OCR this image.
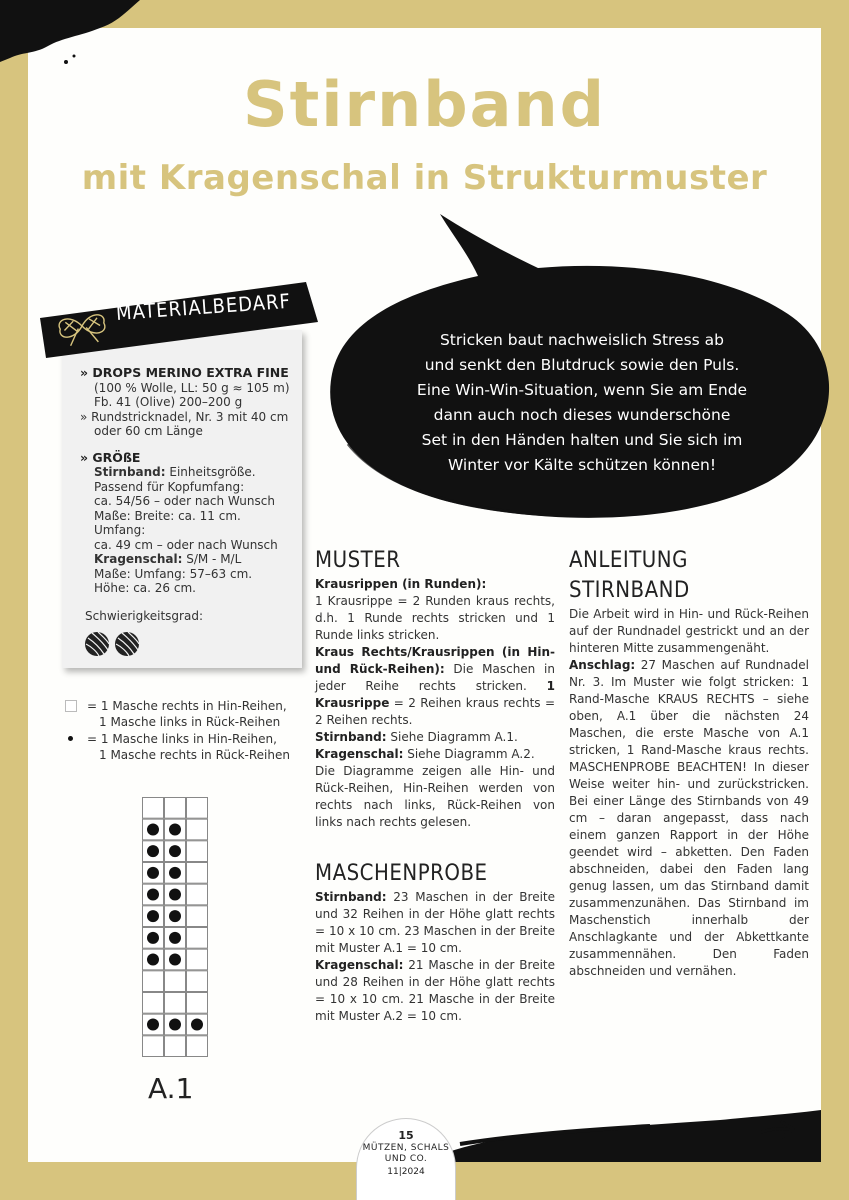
Stirnband
mit Kragenschal in Strukturmuster
Stricken baut nachweislich Stress ab
und senkt den Blutdruck sowie den Puls.
Eine Win-Win-Situation, wenn Sie am Ende
dann auch noch dieses wunderschöne
Set in den Händen halten und Sie sich im
Winter vor Kälte schützen können!
MATERIALBEDARF
» DROPS MERINO EXTRA FINE
(100 % Wolle, LL: 50 g ≈ 105 m)
Fb. 41 (Olive) 200–200 g
» Rundstricknadel, Nr. 3 mit 40 cm
oder 60 cm Länge
» GRÖßE
Stirnband: Einheitsgröße.
Passend für Kopfumfang:
ca. 54/56 – oder nach Wunsch
Maße: Breite: ca. 11 cm. Umfang:
ca. 49 cm – oder nach Wunsch
Kragenschal: S/M - M/L
Maße: Umfang: 57–63 cm.
Höhe: ca. 26 cm.
Schwierigkeitsgrad:
= 1 Masche rechts in Hin-Reihen,
1 Masche links in Rück-Reihen
= 1 Masche links in Hin-Reihen,
1 Masche rechts in Rück-Reihen
A.1
MUSTER

Krausrippen (in Runden):

1 Krausrippe = 2 Runden kraus rechts, d.h. 1 Runde rechts stricken und 1 Runde links stricken.

Kraus Rechts/Krausrippen (in Hin- und Rück-Reihen): Die Maschen in jeder Reihe rechts stricken. 1 Krausrippe = 2 Reihen kraus rechts = 2 Reihen rechts.

Stirnband: Siehe Diagramm A.1.

Kragenschal: Siehe Diagramm A.2.

Die Diagramme zeigen alle Hin- und Rück-Reihen, Hin-Reihen werden von rechts nach links, Rück-Reihen von links nach rechts gelesen.

MASCHENPROBE

Stirnband: 23 Maschen in der Breite und 32 Reihen in der Höhe glatt rechts = 10 x 10 cm. 23 Maschen in der Breite mit Muster A.1 = 10 cm.

Kragenschal: 21 Masche in der Breite und 28 Reihen in der Höhe glatt rechts = 10 x 10 cm. 21 Masche in der Breite mit Muster A.2 = 10 cm.

ANLEITUNG
STIRNBAND

Die Arbeit wird in Hin- und Rück-Reihen auf der Rundnadel gestrickt und an der hinteren Mitte zusammengenäht.

Anschlag: 27 Maschen auf Rundnadel Nr. 3. Im Muster wie folgt stricken: 1 Rand-Masche KRAUS RECHTS – siehe oben, A.1 über die nächsten 24 Maschen, die erste Masche von A.1 stricken, 1 Rand-Masche kraus rechts. MASCHENPROBE BEACHTEN! In dieser Weise weiter hin- und zurückstricken. Bei einer Länge des Stirnbands von 49 cm – daran angepasst, dass nach einem ganzen Rapport in der Höhe geendet wird – abketten. Den Faden abschneiden, dabei den Faden lang genug lassen, um das Stirnband damit zusammenzunähen. Das Stirnband im Maschenstich innerhalb der Anschlagkante und der Abkettkante zusammennähen. Den Faden abschneiden und vernähen.

15
MÜTZEN, SCHALS
UND CO.
11|2024
